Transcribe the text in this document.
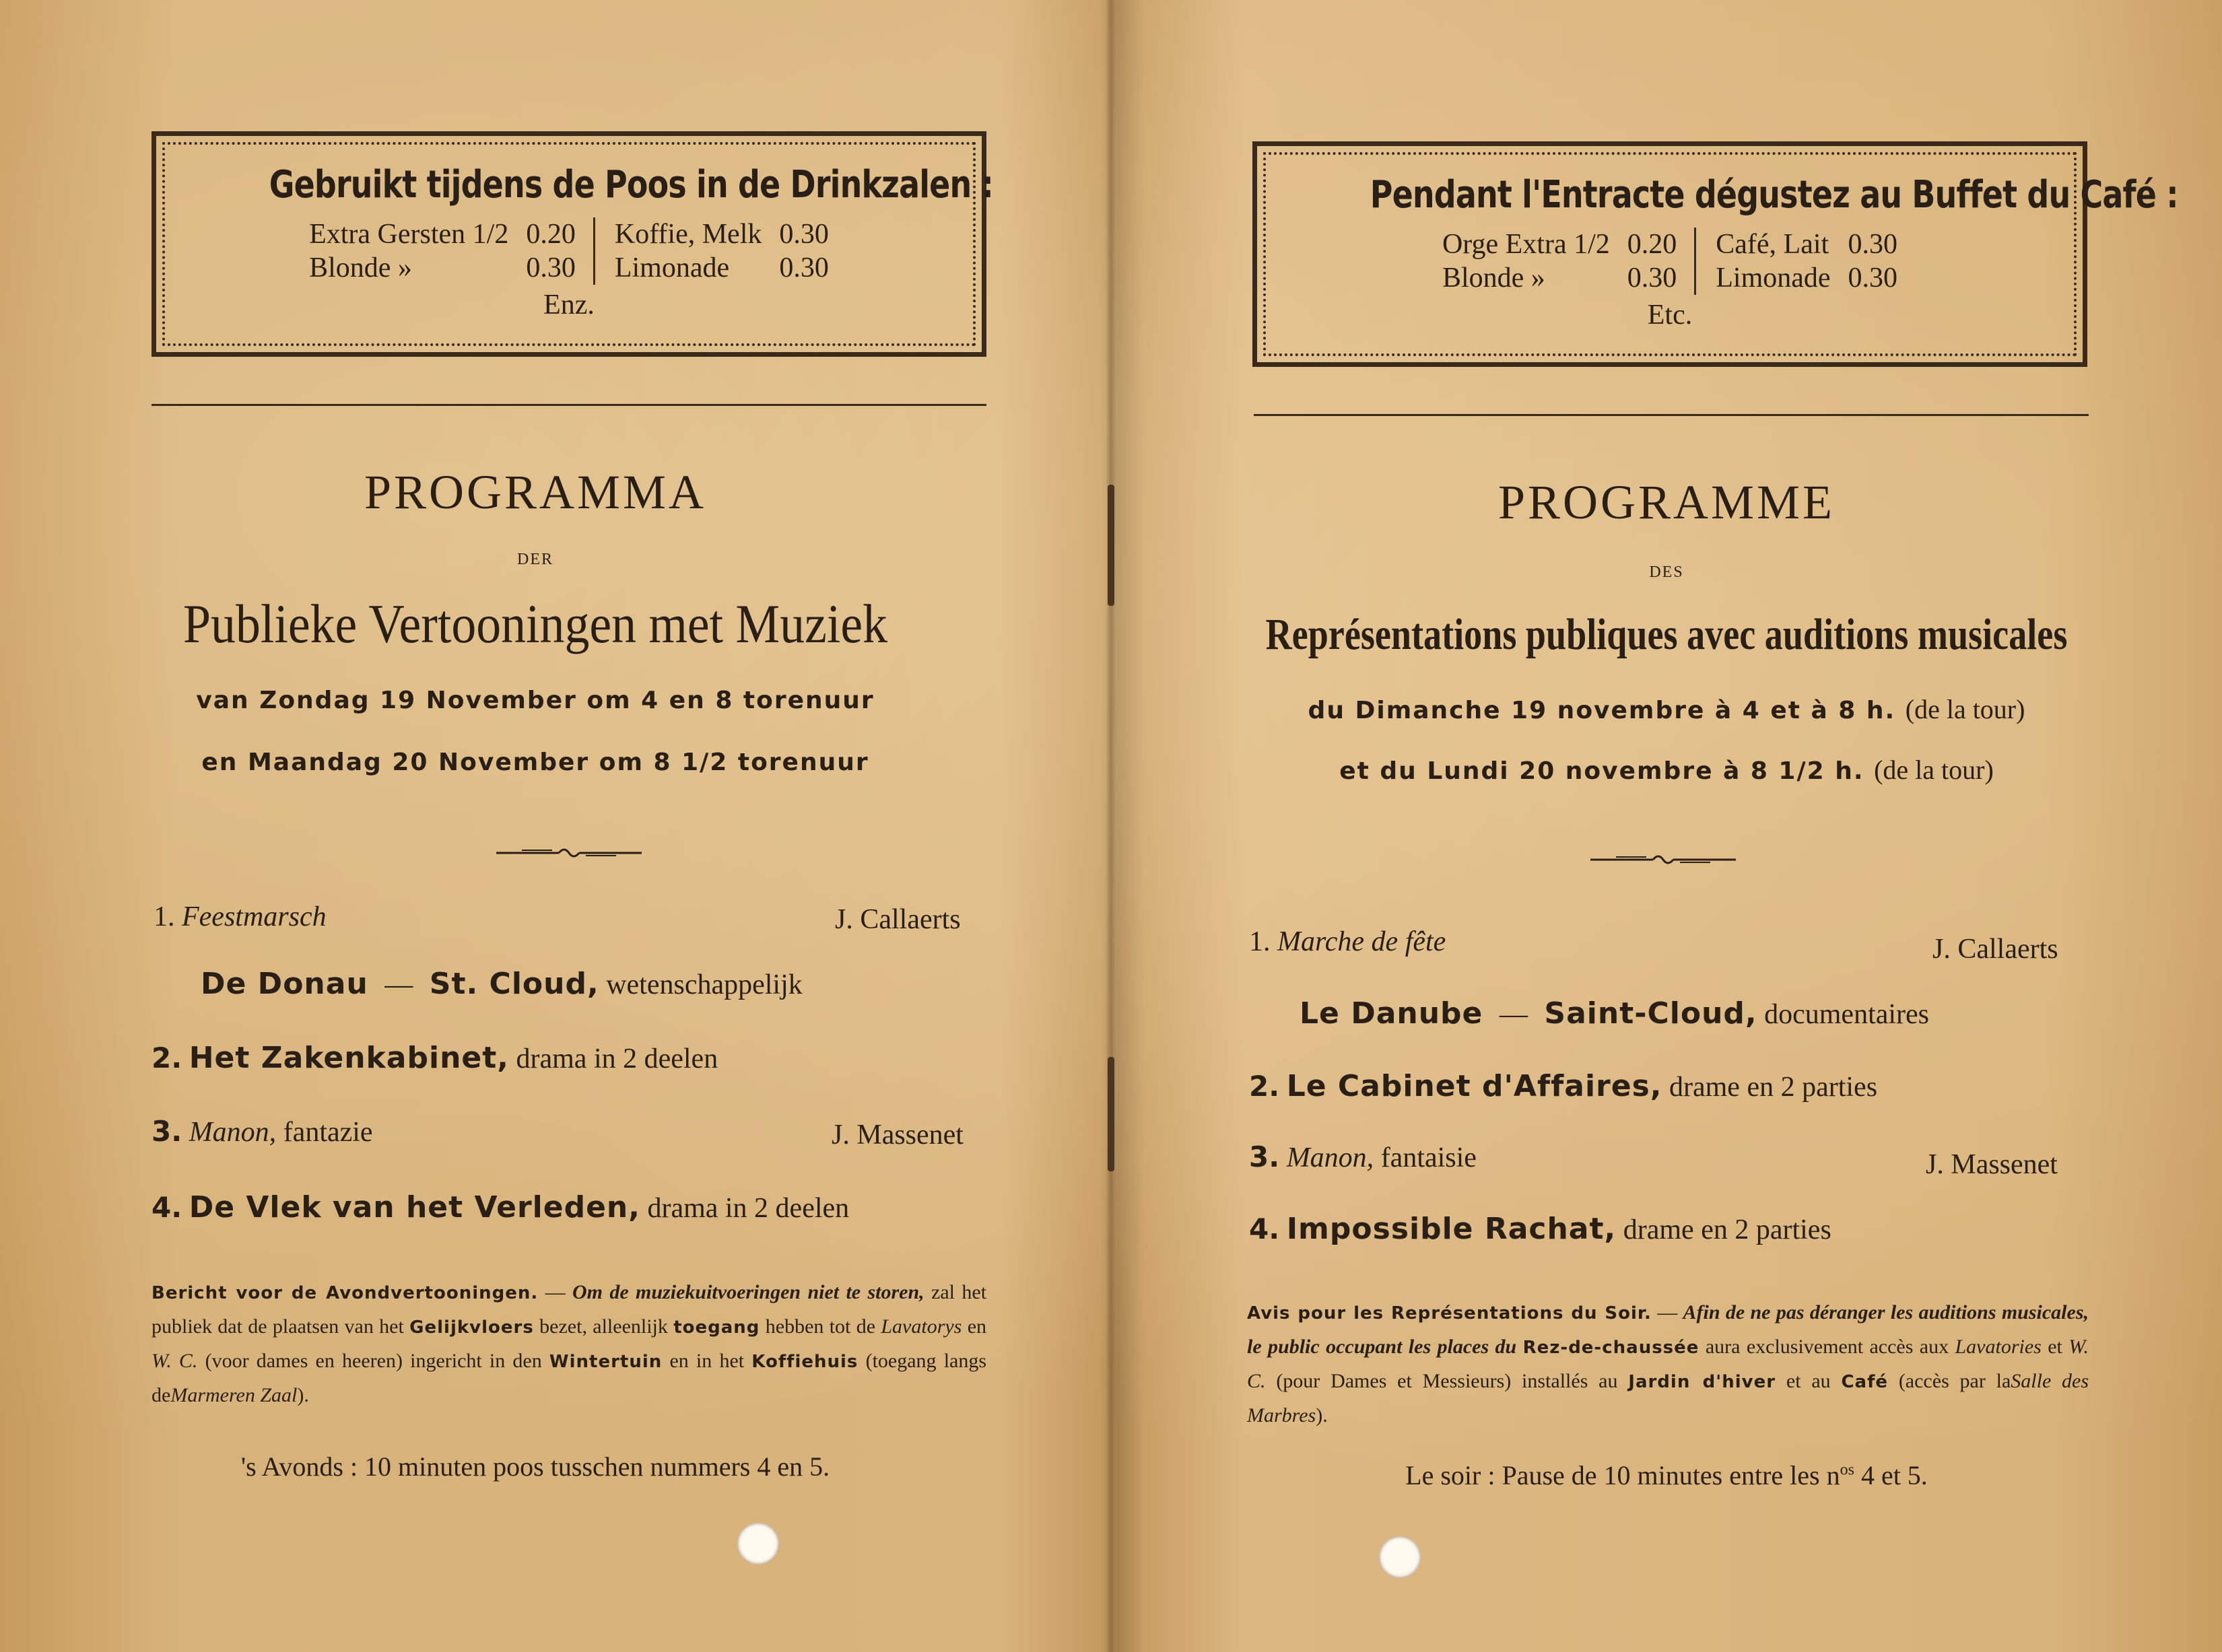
Gebruikt tijdens de Poos in de Drinkzalen :
Extra Gersten 1/2 0.20 Koffie, Melk 0.30
Blonde »	0.30 Limonade	0.30
Enz.
PROGRAMMA
DER
Publieke Vertooningen met Muziek
van Zondag 19 November om 4 en 8 torenuur
en Maandag 20 November om 8 1/2 torenuur
1. Feestmarsch	J. Callaerts
De Donau — St. Cloud, wetenschappelijk
2. Het Zakenkabinet, drama in 2 deelen
3. Manon, fantazie	J. Massenet
4. De Vlek van het Verleden, drama in 2 deelen
Bericht voor de Avondvertooningen. — Om de muziekuitvoeringen niet te storen, zal het publiek dat de plaatsen van het Gelijkvloers bezet, alleenlijk toegang hebben tot de Lavatorys en W. C. (voor dames en heeren) ingericht in den Wintertuin en in het Koffiehuis (toegang langs deMarmeren Zaal).
's Avonds : 10 minuten poos tusschen nummers 4 en 5.
Pendant l'Entracte dégustez au Buffet du Café :
Orge Extra 1/2 0.20 Café, Lait 0.30
Blonde »	0.30 Limonade 0.30
Etc.
PROGRAMME
DES
Représentations publiques avec auditions musicales
du Dimanche 19 novembre à 4 et à 8 h. (de la tour)
et du Lundi 20 novembre à 8 1/2 h. (de la tour)
1. Marche de fête	J. Callaerts
Le Danube — Saint-Cloud, documentaires
2. Le Cabinet d'Affaires, drame en 2 parties
3. Manon, fantaisie	J. Massenet
4. Impossible Rachat, drame en 2 parties
Avis pour les Représentations du Soir. — Afin de ne pas déranger les auditions musicales, le public occupant les places du Rez-de-chaussée aura exclusivement accès aux Lavatories et W. C. (pour Dames et Messieurs) installés au Jardin d'hiver et au Café (accès par laSalle des Marbres).
Le soir : Pause de 10 minutes entre les $n^{os}$ 4 et 5.
